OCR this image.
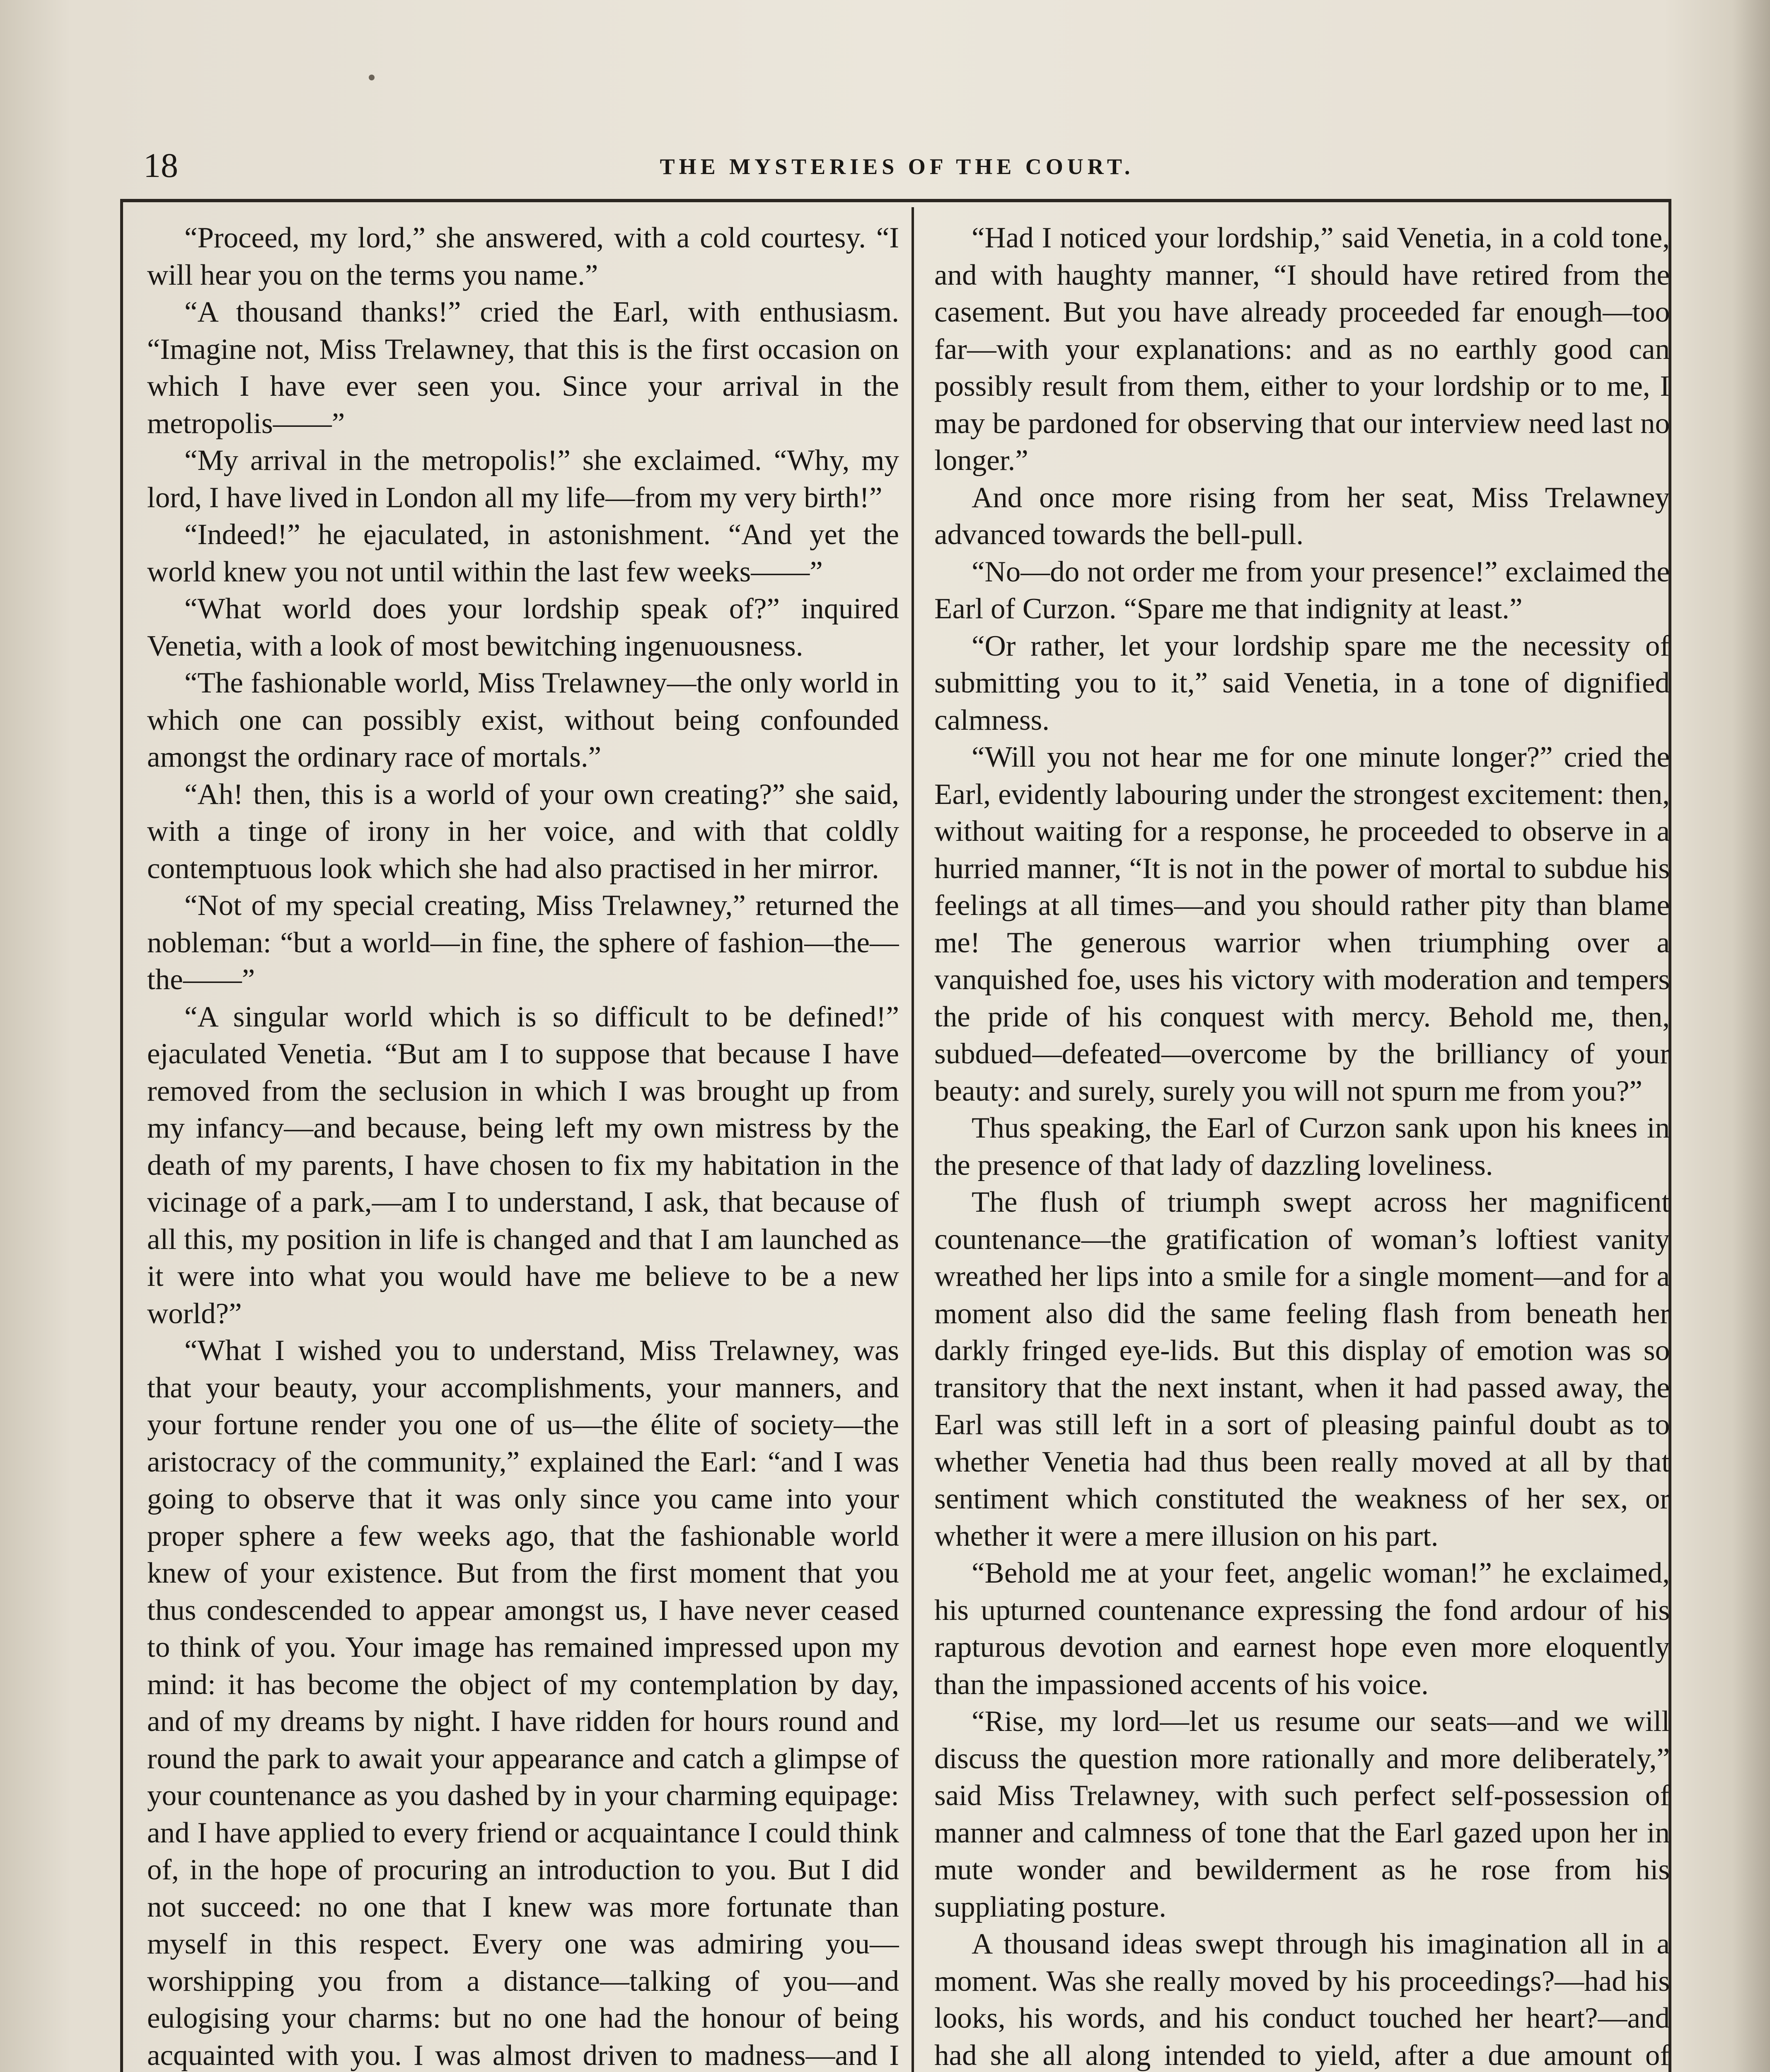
18	THE MYSTERIES OF THE COURT.

“Proceed, my lord,” she answered, with a cold courtesy. “I will hear you on the terms you name.”

“A thousand thanks!” cried the Earl, with enthusiasm. “Imagine not, Miss Trelawney, that this is the first occasion on which I have ever seen you. Since your arrival in the metropolis——”

“My arrival in the metropolis!” she exclaimed. “Why, my lord, I have lived in London all my life—from my very birth!”

“Indeed!” he ejaculated, in astonishment. “And yet the world knew you not until within the last few weeks——”

“What world does your lordship speak of?” inquired Venetia, with a look of most bewitching ingenuousness.

“The fashionable world, Miss Trelawney—the only world in which one can possibly exist, without being confounded amongst the ordinary race of mortals.”

“Ah! then, this is a world of your own creating?” she said, with a tinge of irony in her voice, and with that coldly contemptuous look which she had also practised in her mirror.

“Not of my special creating, Miss Trelawney,” returned the nobleman: “but a world—in fine, the sphere of fashion—the—the——”

“A singular world which is so difficult to be defined!” ejaculated Venetia. “But am I to suppose that because I have removed from the seclusion in which I was brought up from my infancy—and because, being left my own mistress by the death of my parents, I have chosen to fix my habitation in the vicinage of a park,—am I to understand, I ask, that because of all this, my position in life is changed and that I am launched as it were into what you would have me believe to be a new world?”

“What I wished you to understand, Miss Trelawney, was that your beauty, your accomplishments, your manners, and your fortune render you one of us—the élite of society—the aristocracy of the community,” explained the Earl: “and I was going to observe that it was only since you came into your proper sphere a few weeks ago, that the fashionable world knew of your existence. But from the first moment that you thus condescended to appear amongst us, I have never ceased to think of you. Your image has remained impressed upon my mind: it has become the object of my contemplation by day, and of my dreams by night. I have ridden for hours round and round the park to await your appearance and catch a glimpse of your countenance as you dashed by in your charming equipage: and I have applied to every friend or acquaintance I could think of, in the hope of procuring an introduction to you. But I did not succeed: no one that I knew was more fortunate than myself in this respect. Every one was admiring you—worshipping you from a distance—talking of you—and eulogising your charms: but no one had the honour of being acquainted with you. I was almost driven to madness—and I

“Had I noticed your lordship,” said Venetia, in a cold tone, and with haughty manner, “I should have retired from the casement. But you have already proceeded far enough—too far—with your explanations: and as no earthly good can possibly result from them, either to your lordship or to me, I may be pardoned for observing that our interview need last no longer.”

And once more rising from her seat, Miss Trelawney advanced towards the bell-pull.

“No—do not order me from your presence!” exclaimed the Earl of Curzon. “Spare me that indignity at least.”

“Or rather, let your lordship spare me the necessity of submitting you to it,” said Venetia, in a tone of dignified calmness.

“Will you not hear me for one minute longer?” cried the Earl, evidently labouring under the strongest excitement: then, without waiting for a response, he proceeded to observe in a hurried manner, “It is not in the power of mortal to subdue his feelings at all times—and you should rather pity than blame me! The generous warrior when triumphing over a vanquished foe, uses his victory with moderation and tempers the pride of his conquest with mercy. Behold me, then, subdued—defeated—overcome by the brilliancy of your beauty: and surely, surely you will not spurn me from you?”

Thus speaking, the Earl of Curzon sank upon his knees in the presence of that lady of dazzling loveliness.

The flush of triumph swept across her magnificent countenance—the gratification of woman’s loftiest vanity wreathed her lips into a smile for a single moment—and for a moment also did the same feeling flash from beneath her darkly fringed eye-lids. But this display of emotion was so transitory that the next instant, when it had passed away, the Earl was still left in a sort of pleasing painful doubt as to whether Venetia had thus been really moved at all by that sentiment which constituted the weakness of her sex, or whether it were a mere illusion on his part.

“Behold me at your feet, angelic woman!” he exclaimed, his upturned countenance expressing the fond ardour of his rapturous devotion and earnest hope even more eloquently than the impassioned accents of his voice.

“Rise, my lord—let us resume our seats—and we will discuss the question more rationally and more deliberately,” said Miss Trelawney, with such perfect self-possession of manner and calmness of tone that the Earl gazed upon her in mute wonder and bewilderment as he rose from his suppliating posture.

A thousand ideas swept through his imagination all in a moment. Was she really moved by his proceedings?—had his looks, his words, and his conduct touched her heart?—and had she all along intended to yield, after a due amount of
